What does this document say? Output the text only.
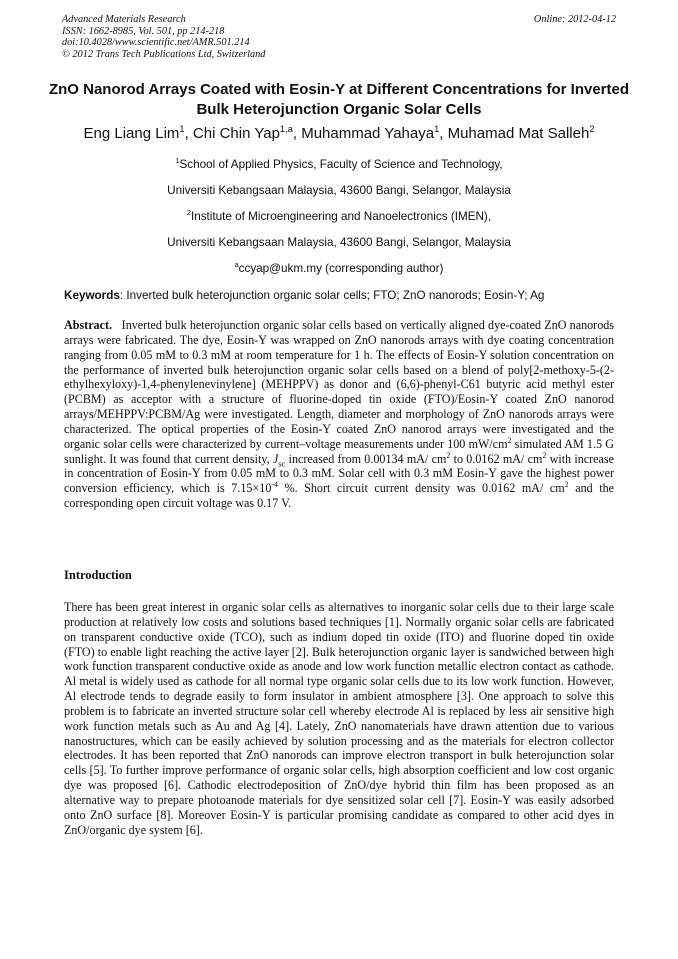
Advanced Materials Research
ISSN: 1662-8985, Vol. 501, pp 214-218
doi:10.4028/www.scientific.net/AMR.501.214
© 2012 Trans Tech Publications Ltd, Switzerland
Online: 2012-04-12
ZnO Nanorod Arrays Coated with Eosin-Y at Different Concentrations for Inverted Bulk Heterojunction Organic Solar Cells
Eng Liang Lim$^1$, Chi Chin Yap$^{1,a}$, Muhammad Yahaya$^1$, Muhamad Mat Salleh$^2$
$^1$School of Applied Physics, Faculty of Science and Technology,
Universiti Kebangsaan Malaysia, 43600 Bangi, Selangor, Malaysia
$^2$Institute of Microengineering and Nanoelectronics (IMEN),
Universiti Kebangsaan Malaysia, 43600 Bangi, Selangor, Malaysia
$^a$ccyap@ukm.my (corresponding author)
Keywords: Inverted bulk heterojunction organic solar cells; FTO; ZnO nanorods; Eosin-Y; Ag
Abstract. Inverted bulk heterojunction organic solar cells based on vertically aligned dye-coated ZnO nanorods arrays were fabricated. The dye, Eosin-Y was wrapped on ZnO nanorods arrays with dye coating concentration ranging from 0.05 mM to 0.3 mM at room temperature for 1 h. The effects of Eosin-Y solution concentration on the performance of inverted bulk heterojunction organic solar cells based on a blend of poly[2-methoxy-5-(2-ethylhexyloxy)-1,4-phenylenevinylene] (MEHPPV) as donor and (6,6)-phenyl-C61 butyric acid methyl ester (PCBM) as acceptor with a structure of fluorine-doped tin oxide (FTO)/Eosin-Y coated ZnO nanorod arrays/MEHPPV:PCBM/Ag were investigated. Length, diameter and morphology of ZnO nanorods arrays were characterized. The optical properties of the Eosin-Y coated ZnO nanorod arrays were investigated and the organic solar cells were characterized by current–voltage measurements under 100 $mW/cm^2$ simulated AM 1.5 G sunlight. It was found that current density, $J_{sc}$ increased from 0.00134 mA/ $cm^2$ to 0.0162 mA/ $cm^2$ with increase in concentration of Eosin-Y from 0.05 mM to 0.3 mM. Solar cell with 0.3 mM Eosin-Y gave the highest power conversion efficiency, which is $7.15\times 10^{-4}$ %. Short circuit current density was 0.0162 mA/ $cm^2$ and the corresponding open circuit voltage was 0.17 V.
Introduction
There has been great interest in organic solar cells as alternatives to inorganic solar cells due to their large scale production at relatively low costs and solutions based techniques [1]. Normally organic solar cells are fabricated on transparent conductive oxide (TCO), such as indium doped tin oxide (ITO) and fluorine doped tin oxide (FTO) to enable light reaching the active layer [2]. Bulk heterojunction organic layer is sandwiched between high work function transparent conductive oxide as anode and low work function metallic electron contact as cathode. Al metal is widely used as cathode for all normal type organic solar cells due to its low work function. However, Al electrode tends to degrade easily to form insulator in ambient atmosphere [3]. One approach to solve this problem is to fabricate an inverted structure solar cell whereby electrode Al is replaced by less air sensitive high work function metals such as Au and Ag [4]. Lately, ZnO nanomaterials have drawn attention due to various nanostructures, which can be easily achieved by solution processing and as the materials for electron collector electrodes. It has been reported that ZnO nanorods can improve electron transport in bulk heterojunction solar cells [5]. To further improve performance of organic solar cells, high absorption coefficient and low cost organic dye was proposed [6]. Cathodic electrodeposition of ZnO/dye hybrid thin film has been proposed as an alternative way to prepare photoanode materials for dye sensitized solar cell [7]. Eosin-Y was easily adsorbed onto ZnO surface [8]. Moreover Eosin-Y is particular promising candidate as compared to other acid dyes in ZnO/organic dye system [6].
